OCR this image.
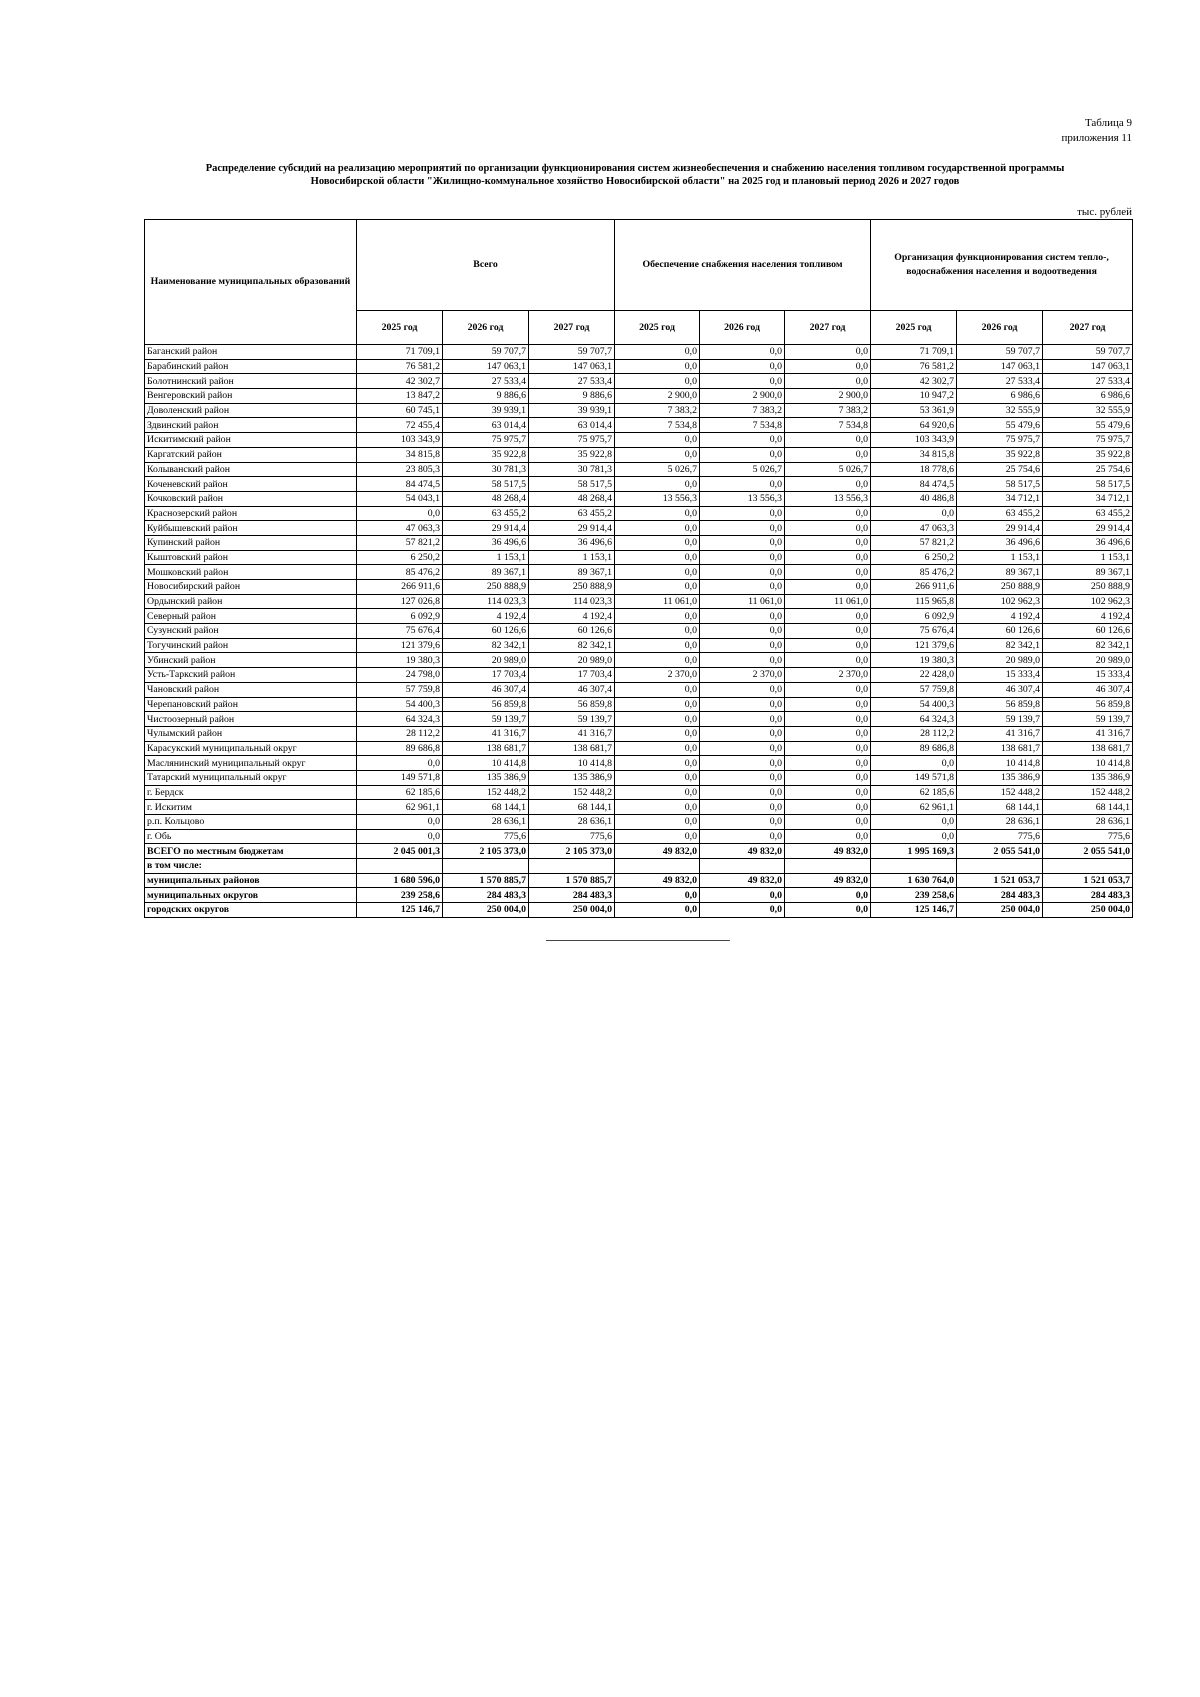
Таблица 9
приложения 11
Распределение субсидий на реализацию мероприятий по организации функционирования систем жизнеобеспечения и снабжению населения топливом государственной программы
Новосибирской области "Жилищно-коммунальное хозяйство Новосибирской области" на 2025 год и плановый период 2026 и 2027 годов
тыс. рублей
Наименование муниципальных образований	Всего			Обеспечение снабжения населения топливом			Организация функционирования систем тепло-, водоснабжения населения и водоотведения		
	2025 год	2026 год	2027 год	2025 год	2026 год	2027 год	2025 год	2026 год	2027 год
Баганский район	71 709,1	59 707,7	59 707,7	0,0	0,0	0,0	71 709,1	59 707,7	59 707,7
Барабинский район	76 581,2	147 063,1	147 063,1	0,0	0,0	0,0	76 581,2	147 063,1	147 063,1
Болотнинский район	42 302,7	27 533,4	27 533,4	0,0	0,0	0,0	42 302,7	27 533,4	27 533,4
Венгеровский район	13 847,2	9 886,6	9 886,6	2 900,0	2 900,0	2 900,0	10 947,2	6 986,6	6 986,6
Доволенский район	60 745,1	39 939,1	39 939,1	7 383,2	7 383,2	7 383,2	53 361,9	32 555,9	32 555,9
Здвинский район	72 455,4	63 014,4	63 014,4	7 534,8	7 534,8	7 534,8	64 920,6	55 479,6	55 479,6
Искитимский район	103 343,9	75 975,7	75 975,7	0,0	0,0	0,0	103 343,9	75 975,7	75 975,7
Каргатский район	34 815,8	35 922,8	35 922,8	0,0	0,0	0,0	34 815,8	35 922,8	35 922,8
Колыванский район	23 805,3	30 781,3	30 781,3	5 026,7	5 026,7	5 026,7	18 778,6	25 754,6	25 754,6
Коченевский район	84 474,5	58 517,5	58 517,5	0,0	0,0	0,0	84 474,5	58 517,5	58 517,5
Кочковский район	54 043,1	48 268,4	48 268,4	13 556,3	13 556,3	13 556,3	40 486,8	34 712,1	34 712,1
Краснозерский район	0,0	63 455,2	63 455,2	0,0	0,0	0,0	0,0	63 455,2	63 455,2
Куйбышевский район	47 063,3	29 914,4	29 914,4	0,0	0,0	0,0	47 063,3	29 914,4	29 914,4
Купинский район	57 821,2	36 496,6	36 496,6	0,0	0,0	0,0	57 821,2	36 496,6	36 496,6
Кыштовский район	6 250,2	1 153,1	1 153,1	0,0	0,0	0,0	6 250,2	1 153,1	1 153,1
Мошковский район	85 476,2	89 367,1	89 367,1	0,0	0,0	0,0	85 476,2	89 367,1	89 367,1
Новосибирский район	266 911,6	250 888,9	250 888,9	0,0	0,0	0,0	266 911,6	250 888,9	250 888,9
Ордынский район	127 026,8	114 023,3	114 023,3	11 061,0	11 061,0	11 061,0	115 965,8	102 962,3	102 962,3
Северный район	6 092,9	4 192,4	4 192,4	0,0	0,0	0,0	6 092,9	4 192,4	4 192,4
Сузунский район	75 676,4	60 126,6	60 126,6	0,0	0,0	0,0	75 676,4	60 126,6	60 126,6
Тогучинский район	121 379,6	82 342,1	82 342,1	0,0	0,0	0,0	121 379,6	82 342,1	82 342,1
Убинский район	19 380,3	20 989,0	20 989,0	0,0	0,0	0,0	19 380,3	20 989,0	20 989,0
Усть-Таркский район	24 798,0	17 703,4	17 703,4	2 370,0	2 370,0	2 370,0	22 428,0	15 333,4	15 333,4
Чановский район	57 759,8	46 307,4	46 307,4	0,0	0,0	0,0	57 759,8	46 307,4	46 307,4
Черепановский район	54 400,3	56 859,8	56 859,8	0,0	0,0	0,0	54 400,3	56 859,8	56 859,8
Чистоозерный район	64 324,3	59 139,7	59 139,7	0,0	0,0	0,0	64 324,3	59 139,7	59 139,7
Чулымский район	28 112,2	41 316,7	41 316,7	0,0	0,0	0,0	28 112,2	41 316,7	41 316,7
Карасукский муниципальный округ	89 686,8	138 681,7	138 681,7	0,0	0,0	0,0	89 686,8	138 681,7	138 681,7
Маслянинский муниципальный округ	0,0	10 414,8	10 414,8	0,0	0,0	0,0	0,0	10 414,8	10 414,8
Татарский муниципальный округ	149 571,8	135 386,9	135 386,9	0,0	0,0	0,0	149 571,8	135 386,9	135 386,9
г. Бердск	62 185,6	152 448,2	152 448,2	0,0	0,0	0,0	62 185,6	152 448,2	152 448,2
г. Искитим	62 961,1	68 144,1	68 144,1	0,0	0,0	0,0	62 961,1	68 144,1	68 144,1
р.п. Кольцово	0,0	28 636,1	28 636,1	0,0	0,0	0,0	0,0	28 636,1	28 636,1
г. Обь	0,0	775,6	775,6	0,0	0,0	0,0	0,0	775,6	775,6
ВСЕГО по местным бюджетам	2 045 001,3	2 105 373,0	2 105 373,0	49 832,0	49 832,0	49 832,0	1 995 169,3	2 055 541,0	2 055 541,0
в том числе:									
муниципальных районов	1 680 596,0	1 570 885,7	1 570 885,7	49 832,0	49 832,0	49 832,0	1 630 764,0	1 521 053,7	1 521 053,7
муниципальных округов	239 258,6	284 483,3	284 483,3	0,0	0,0	0,0	239 258,6	284 483,3	284 483,3
городских округов	125 146,7	250 004,0	250 004,0	0,0	0,0	0,0	125 146,7	250 004,0	250 004,0
